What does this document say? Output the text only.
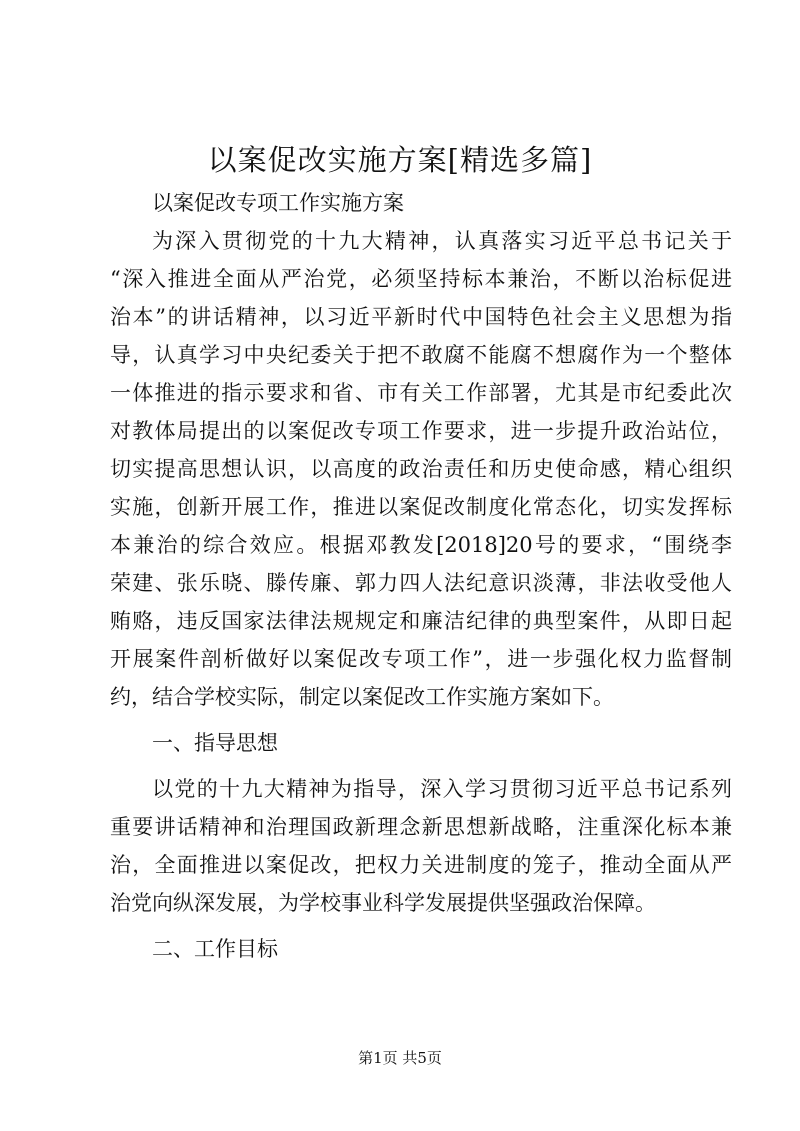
以案促改实施方案[精选多篇]
以案促改专项工作实施方案
为深入贯彻党的十九大精神，认真落实习近平总书记关于
“深入推进全面从严治党，必须坚持标本兼治，不断以治标促进
治本”的讲话精神，以习近平新时代中国特色社会主义思想为指
导，认真学习中央纪委关于把不敢腐不能腐不想腐作为一个整体
一体推进的指示要求和省、市有关工作部署，尤其是市纪委此次
对教体局提出的以案促改专项工作要求，进一步提升政治站位，
切实提高思想认识，以高度的政治责任和历史使命感，精心组织
实施，创新开展工作，推进以案促改制度化常态化，切实发挥标
本兼治的综合效应。根据邓教发[2018]20号的要求，“围绕李
荣建、张乐晓、滕传廉、郭力四人法纪意识淡薄，非法收受他人
贿赂，违反国家法律法规规定和廉洁纪律的典型案件，从即日起
开展案件剖析做好以案促改专项工作”，进一步强化权力监督制
约，结合学校实际，制定以案促改工作实施方案如下。
一、指导思想
以党的十九大精神为指导，深入学习贯彻习近平总书记系列
重要讲话精神和治理国政新理念新思想新战略，注重深化标本兼
治，全面推进以案促改，把权力关进制度的笼子，推动全面从严
治党向纵深发展，为学校事业科学发展提供坚强政治保障。
二、工作目标
第1页 共5页
